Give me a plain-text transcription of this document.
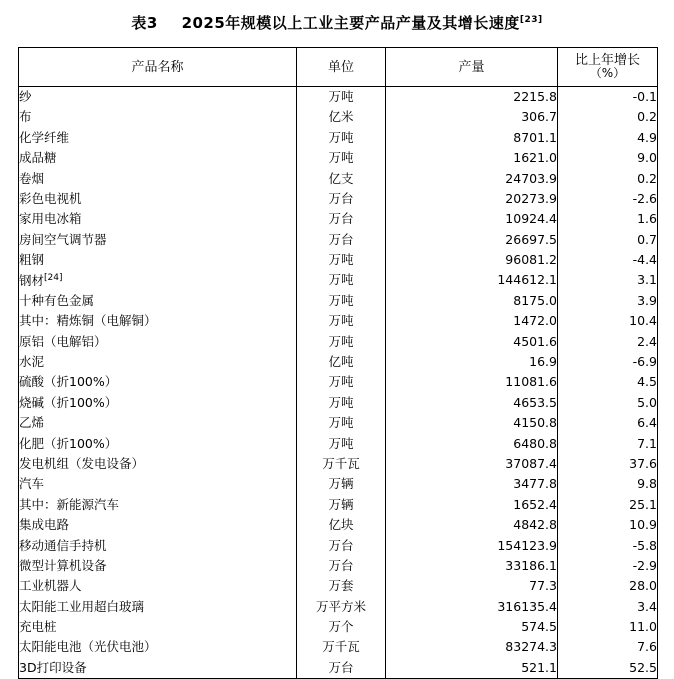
表3 2025年规模以上工业主要产品产量及其增长速度[23]
产品名称	单位	产量	比上年增长（%）
纱	万吨	2215.8	-0.1
布	亿米	306.7	0.2
化学纤维	万吨	8701.1	4.9
成品糖	万吨	1621.0	9.0
卷烟	亿支	24703.9	0.2
彩色电视机	万台	20273.9	-2.6
家用电冰箱	万台	10924.4	1.6
房间空气调节器	万台	26697.5	0.7
粗钢	万吨	96081.2	-4.4
钢材[24]	万吨	144612.1	3.1
十种有色金属	万吨	8175.0	3.9
其中：精炼铜（电解铜）	万吨	1472.0	10.4
原铝（电解铝）	万吨	4501.6	2.4
水泥	亿吨	16.9	-6.9
硫酸（折100%）	万吨	11081.6	4.5
烧碱（折100%）	万吨	4653.5	5.0
乙烯	万吨	4150.8	6.4
化肥（折100%）	万吨	6480.8	7.1
发电机组（发电设备）	万千瓦	37087.4	37.6
汽车	万辆	3477.8	9.8
其中：新能源汽车	万辆	1652.4	25.1
集成电路	亿块	4842.8	10.9
移动通信手持机	万台	154123.9	-5.8
微型计算机设备	万台	33186.1	-2.9
工业机器人	万套	77.3	28.0
太阳能工业用超白玻璃	万平方米	316135.4	3.4
充电桩	万个	574.5	11.0
太阳能电池（光伏电池）	万千瓦	83274.3	7.6
3D打印设备	万台	521.1	52.5
